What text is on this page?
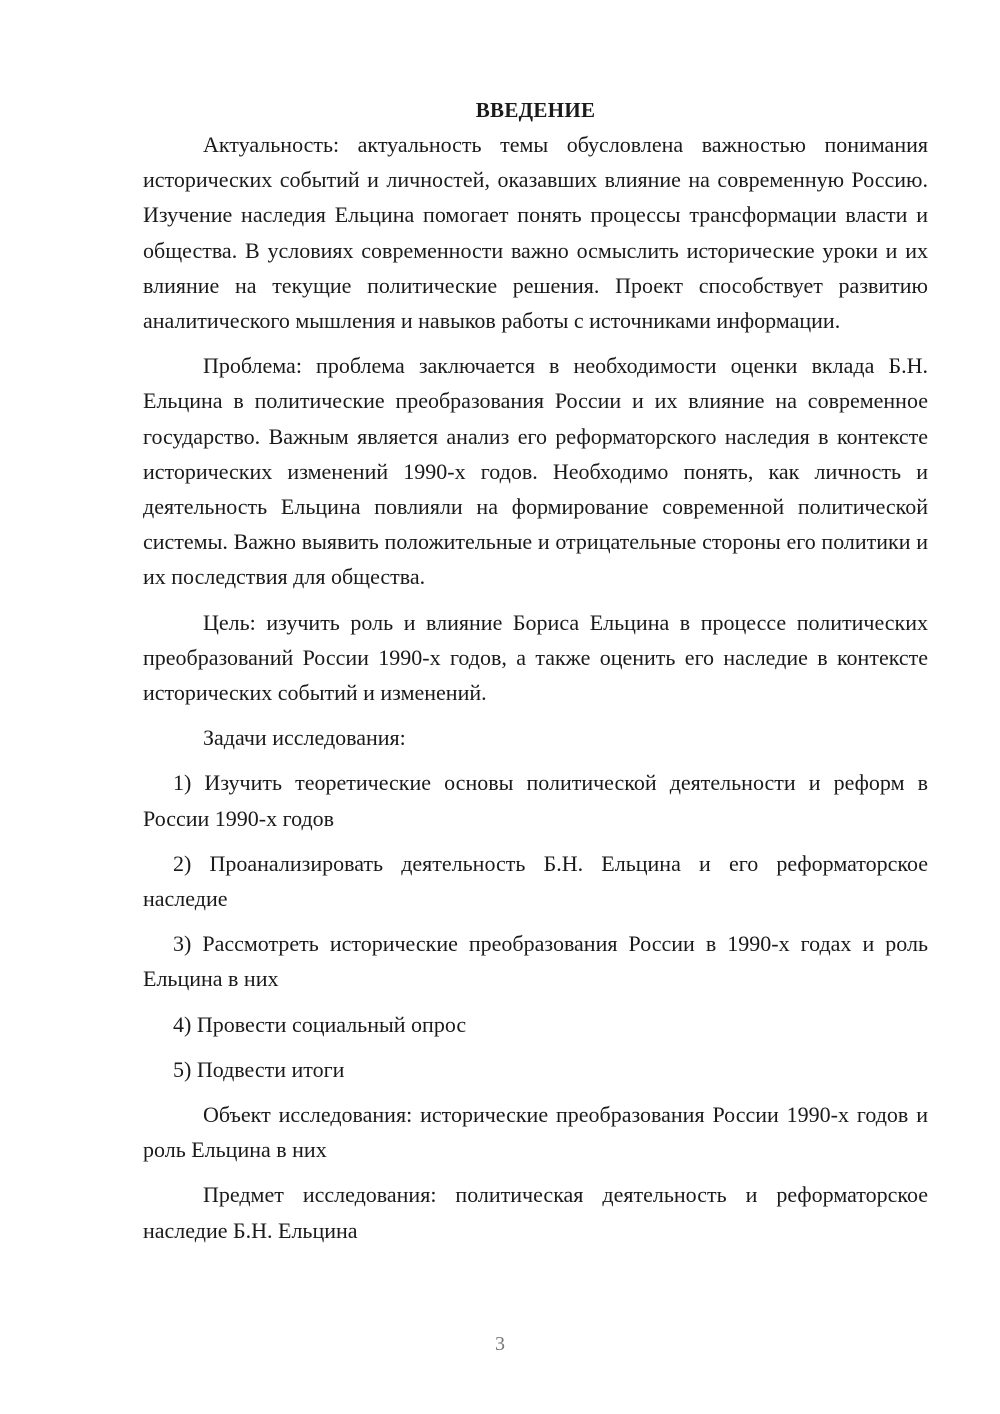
ВВЕДЕНИЕ

Актуальность: актуальность темы обусловлена важностью понимания исторических событий и личностей, оказавших влияние на современную Россию. Изучение наследия Ельцина помогает понять процессы трансформации власти и общества. В условиях современности важно осмыслить исторические уроки и их влияние на текущие политические решения. Проект способствует развитию аналитического мышления и навыков работы с источниками информации.

Проблема: проблема заключается в необходимости оценки вклада Б.Н. Ельцина в политические преобразования России и их влияние на современное государство. Важным является анализ его реформаторского наследия в контексте исторических изменений 1990-х годов. Необходимо понять, как личность и деятельность Ельцина повлияли на формирование современной политической системы. Важно выявить положительные и отрицательные стороны его политики и их последствия для общества.

Цель: изучить роль и влияние Бориса Ельцина в процессе политических преобразований России 1990-х годов, а также оценить его наследие в контексте исторических событий и изменений.

Задачи исследования:

1) Изучить теоретические основы политической деятельности и реформ в России 1990-х годов

2) Проанализировать деятельность Б.Н. Ельцина и его реформаторское наследие

3) Рассмотреть исторические преобразования России в 1990-х годах и роль Ельцина в них

4) Провести социальный опрос

5) Подвести итоги

Объект исследования: исторические преобразования России 1990-х годов и роль Ельцина в них

Предмет исследования: политическая деятельность и реформаторское наследие Б.Н. Ельцина

3
